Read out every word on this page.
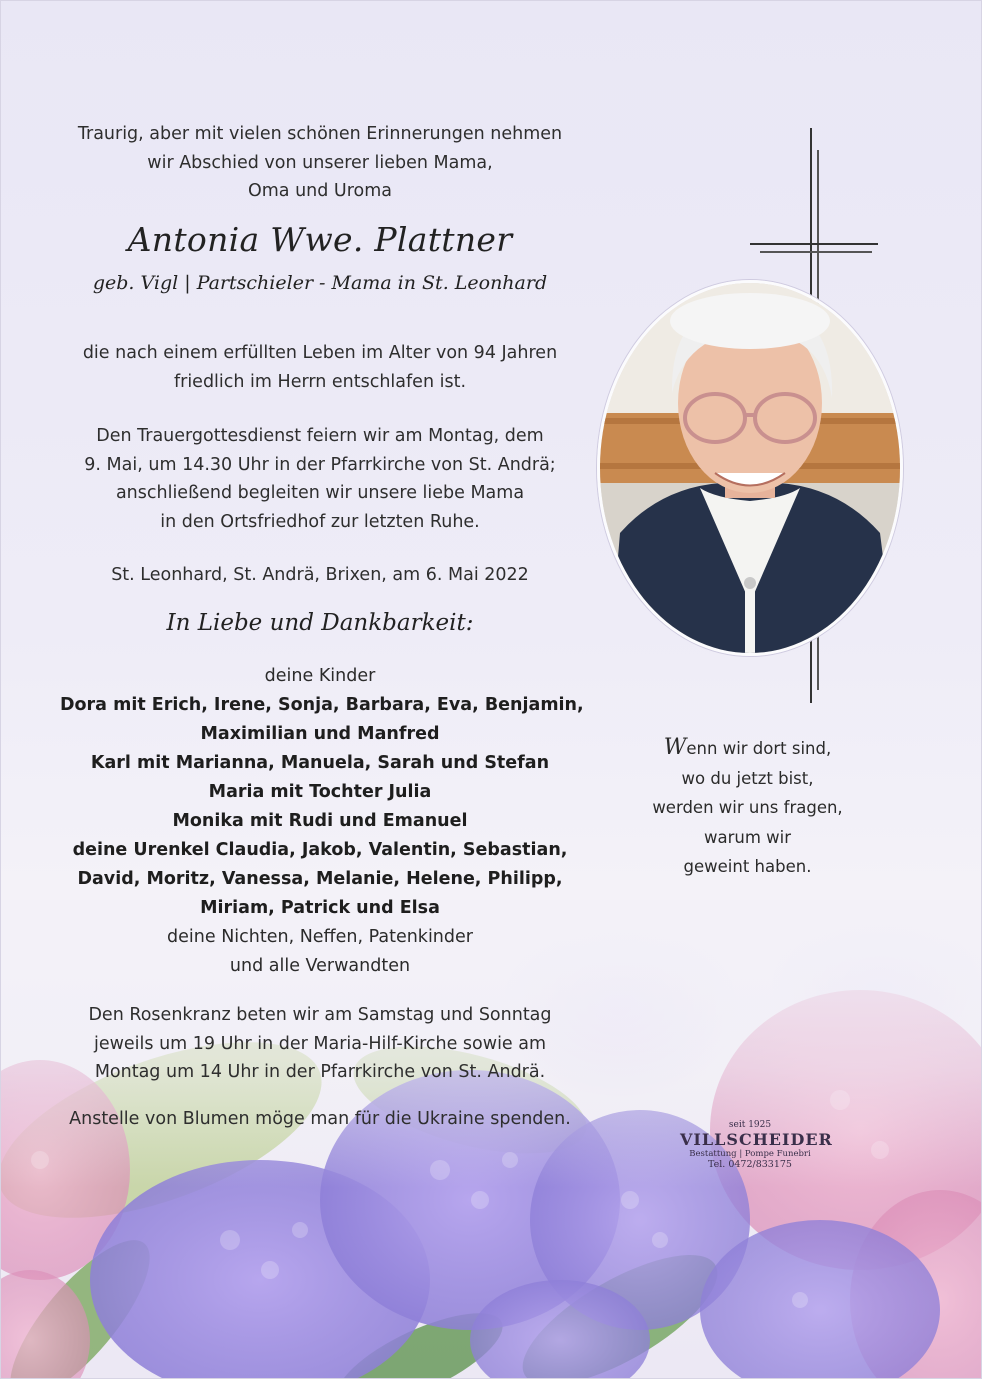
Traurig, aber mit vielen schönen Erinnerungen nehmen

wir Abschied von unserer lieben Mama,

Oma und Uroma

Antonia Wwe. Plattner
geb. Vigl | Partschieler - Mama in St. Leonhard

die nach einem erfüllten Leben im Alter von 94 Jahren

friedlich im Herrn entschlafen ist.

Den Trauergottesdienst feiern wir am Montag, dem

9. Mai, um 14.30 Uhr in der Pfarrkirche von St. Andrä;

anschließend begleiten wir unsere liebe Mama

in den Ortsfriedhof zur letzten Ruhe.

St. Leonhard, St. Andrä, Brixen, am 6. Mai 2022

In Liebe und Dankbarkeit:
deine Kinder
Dora mit Erich, Irene, Sonja, Barbara, Eva, Benjamin,
Maximilian und Manfred
Karl mit Marianna, Manuela, Sarah und Stefan
Maria mit Tochter Julia
Monika mit Rudi und Emanuel
deine Urenkel Claudia, Jakob, Valentin, Sebastian,
David, Moritz, Vanessa, Melanie, Helene, Philipp,
Miriam, Patrick und Elsa
deine Nichten, Neffen, Patenkinder
und alle Verwandten

Den Rosenkranz beten wir am Samstag und Sonntag

jeweils um 19 Uhr in der Maria-Hilf-Kirche sowie am

Montag um 14 Uhr in der Pfarrkirche von St. Andrä.

Anstelle von Blumen möge man für die Ukraine spenden.

Wenn wir dort sind,
wo du jetzt bist,
werden wir uns fragen,
warum wir
geweint haben.
seit 1925
VILLSCHEIDER
Bestattung | Pompe Funebri
Tel. 0472/833175
